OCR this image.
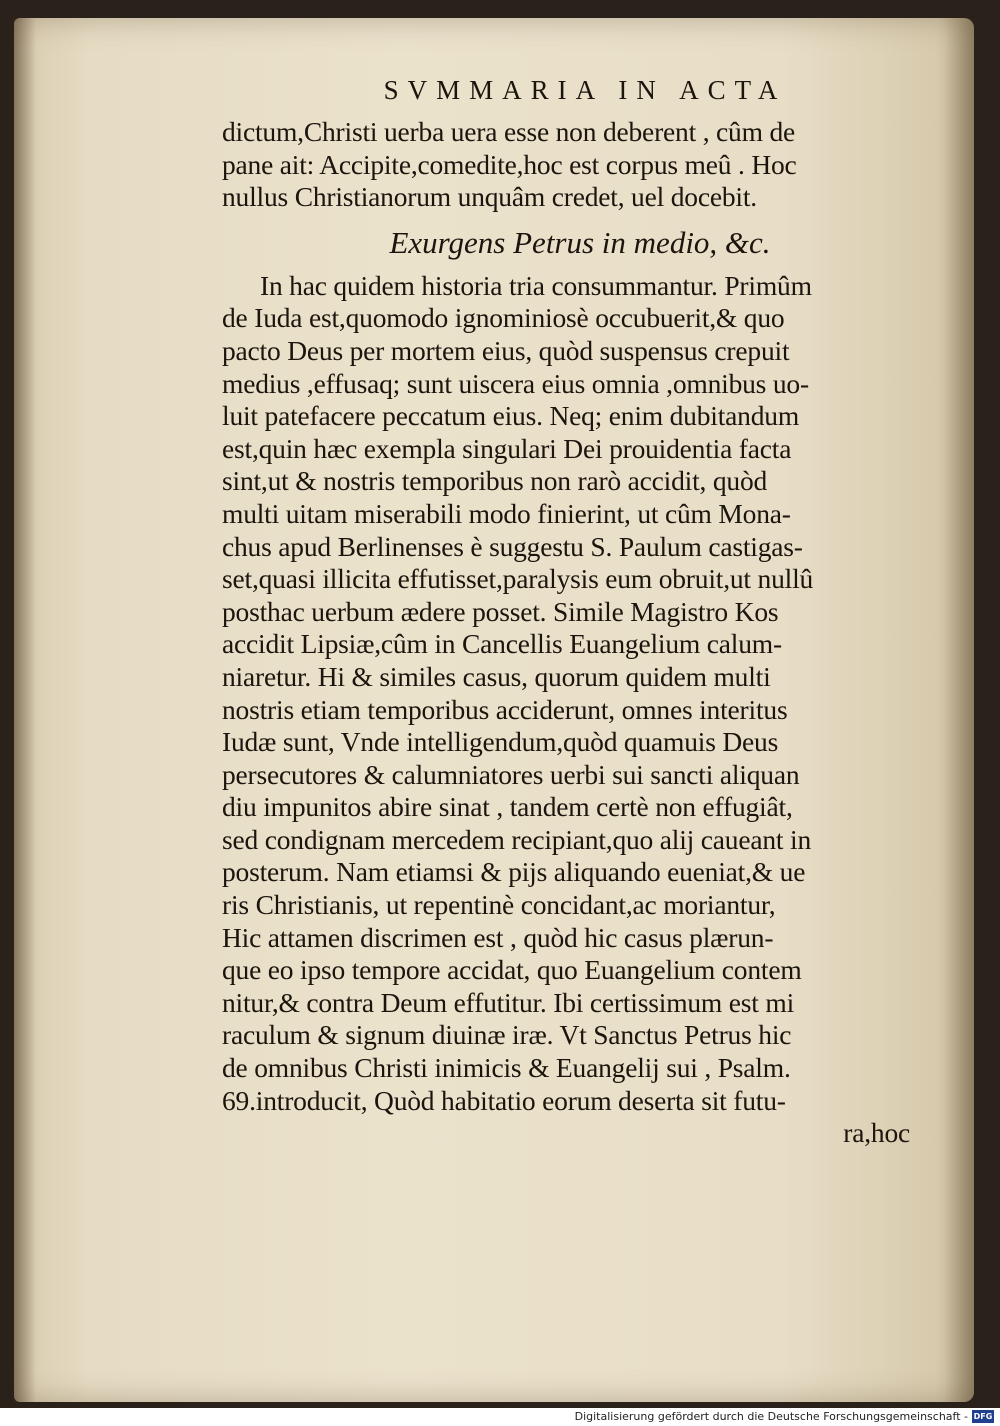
SVMMARIA IN ACTA
dictum,Christi uerba uera esse non deberent , cûm de
pane ait: Accipite,comedite,hoc est corpus meû . Hoc
nullus Christianorum unquâm credet, uel docebit.
Exurgens Petrus in medio, &c.
In hac quidem historia tria consummantur. Primûm
de Iuda est,quomodo ignominiosè occubuerit,& quo
pacto Deus per mortem eius, quòd suspensus crepuit
medius ,effusaq; sunt uiscera eius omnia ,omnibus uo-
luit patefacere peccatum eius. Neq; enim dubitandum
est,quin hæc exempla singulari Dei prouidentia facta
sint,ut & nostris temporibus non rarò accidit, quòd
multi uitam miserabili modo finierint, ut cûm Mona-
chus apud Berlinenses è suggestu S. Paulum castigas-
set,quasi illicita effutisset,paralysis eum obruit,ut nullû
posthac uerbum ædere posset. Simile Magistro Kos
accidit Lipsiæ,cûm in Cancellis Euangelium calum-
niaretur. Hi & similes casus, quorum quidem multi
nostris etiam temporibus acciderunt, omnes interitus
Iudæ sunt, Vnde intelligendum,quòd quamuis Deus
persecutores & calumniatores uerbi sui sancti aliquan
diu impunitos abire sinat , tandem certè non effugiât,
sed condignam mercedem recipiant,quo alij caueant in
posterum. Nam etiamsi & pijs aliquando eueniat,& ue
ris Christianis, ut repentinè concidant,ac moriantur,
Hic attamen discrimen est , quòd hic casus plærun-
que eo ipso tempore accidat, quo Euangelium contem
nitur,& contra Deum effutitur. Ibi certissimum est mi
raculum & signum diuinæ iræ. Vt Sanctus Petrus hic
de omnibus Christi inimicis & Euangelij sui , Psalm.
69.introducit, Quòd habitatio eorum deserta sit futu-
ra,hoc
Digitalisierung gefördert durch die Deutsche Forschungsgemeinschaft - DFG
